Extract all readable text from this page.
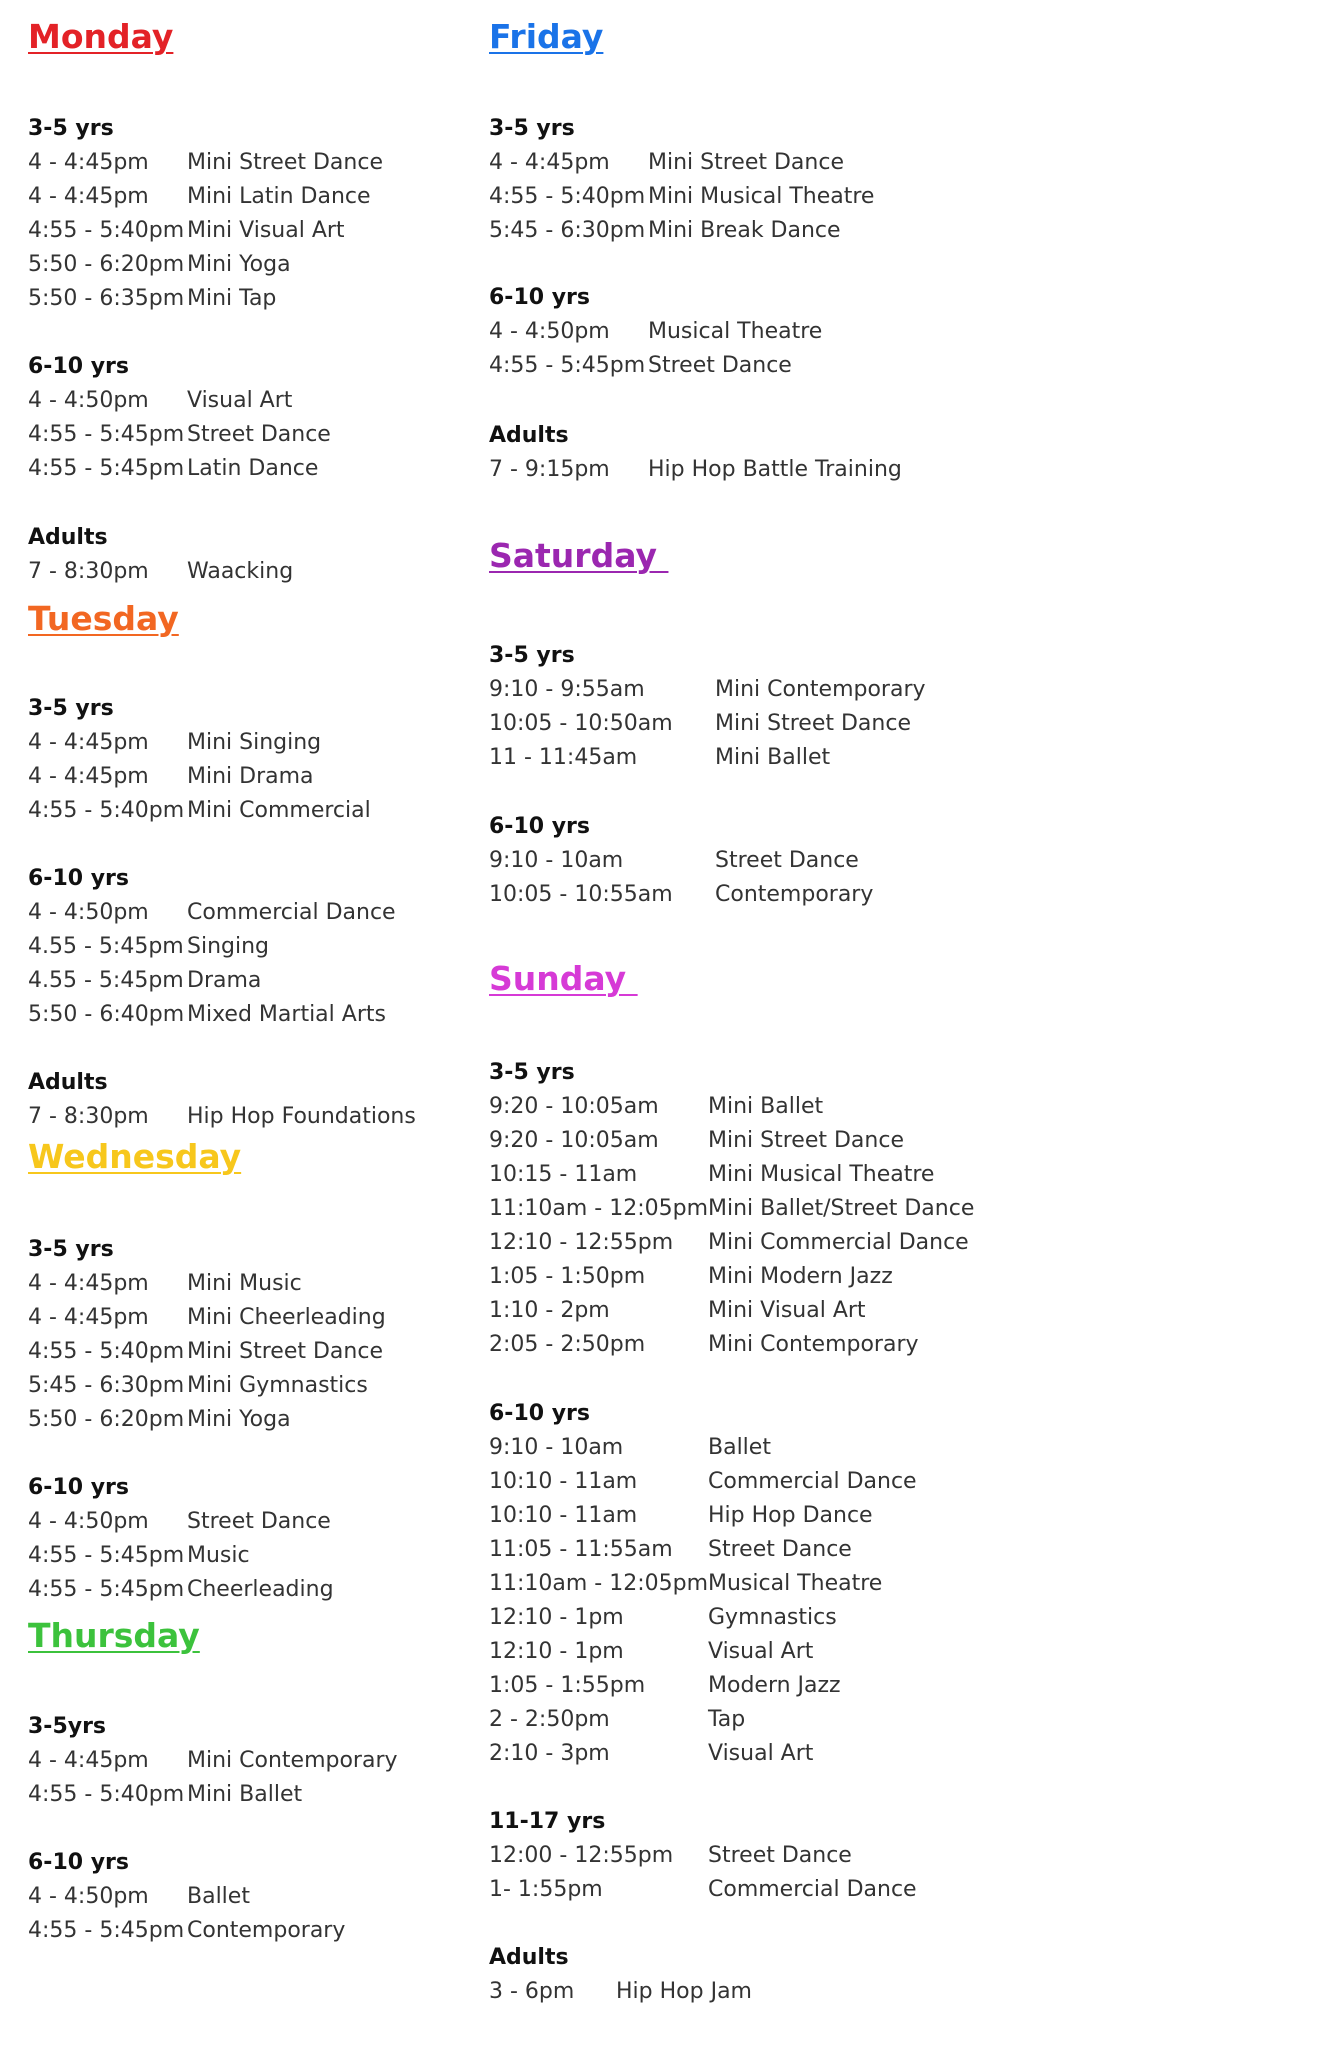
Monday
3-5 yrs
4 - 4:45pm Mini Street Dance
4 - 4:45pm Mini Latin Dance
4:55 - 5:40pm Mini Visual Art
5:50 - 6:20pm Mini Yoga
5:50 - 6:35pm Mini Tap
6-10 yrs
4 - 4:50pm Visual Art
4:55 - 5:45pm Street Dance
4:55 - 5:45pm Latin Dance
Adults
7 - 8:30pm Waacking
Tuesday
3-5 yrs
4 - 4:45pm Mini Singing
4 - 4:45pm Mini Drama
4:55 - 5:40pm Mini Commercial
6-10 yrs
4 - 4:50pm Commercial Dance
4.55 - 5:45pm Singing
4.55 - 5:45pm Drama
5:50 - 6:40pm Mixed Martial Arts
Adults
7 - 8:30pm Hip Hop Foundations
Wednesday
3-5 yrs
4 - 4:45pm Mini Music
4 - 4:45pm Mini Cheerleading
4:55 - 5:40pm Mini Street Dance
5:45 - 6:30pm Mini Gymnastics
5:50 - 6:20pm Mini Yoga
6-10 yrs
4 - 4:50pm Street Dance
4:55 - 5:45pm Music
4:55 - 5:45pm Cheerleading
Thursday
3-5yrs
4 - 4:45pm Mini Contemporary
4:55 - 5:40pm Mini Ballet
6-10 yrs
4 - 4:50pm Ballet
4:55 - 5:45pm Contemporary
Friday
3-5 yrs
4 - 4:45pm Mini Street Dance
4:55 - 5:40pm Mini Musical Theatre
5:45 - 6:30pm Mini Break Dance
6-10 yrs
4 - 4:50pm Musical Theatre
4:55 - 5:45pm Street Dance
Adults
7 - 9:15pm Hip Hop Battle Training
Saturday
3-5 yrs
9:10 - 9:55am	Mini Contemporary
10:05 - 10:50am Mini Street Dance
11 - 11:45am	Mini Ballet
6-10 yrs
9:10 - 10am	Street Dance
10:05 - 10:55am Contemporary
Sunday
3-5 yrs
9:20 - 10:05am Mini Ballet
9:20 - 10:05am Mini Street Dance
10:15 - 11am	Mini Musical Theatre
11:10am - 12:05pm Mini Ballet/Street Dance
12:10 - 12:55pm Mini Commercial Dance
1:05 - 1:50pm	Mini Modern Jazz
1:10 - 2pm	Mini Visual Art
2:05 - 2:50pm	Mini Contemporary
6-10 yrs
9:10 - 10am	Ballet
10:10 - 11am	Commercial Dance
10:10 - 11am	Hip Hop Dance
11:05 - 11:55am Street Dance
11:10am - 12:05pm Musical Theatre
12:10 - 1pm	Gymnastics
12:10 - 1pm	Visual Art
1:05 - 1:55pm	Modern Jazz
2 - 2:50pm	Tap
2:10 - 3pm	Visual Art
11-17 yrs
12:00 - 12:55pm Street Dance
1- 1:55pm	Commercial Dance
Adults
3 - 6pm Hip Hop Jam
